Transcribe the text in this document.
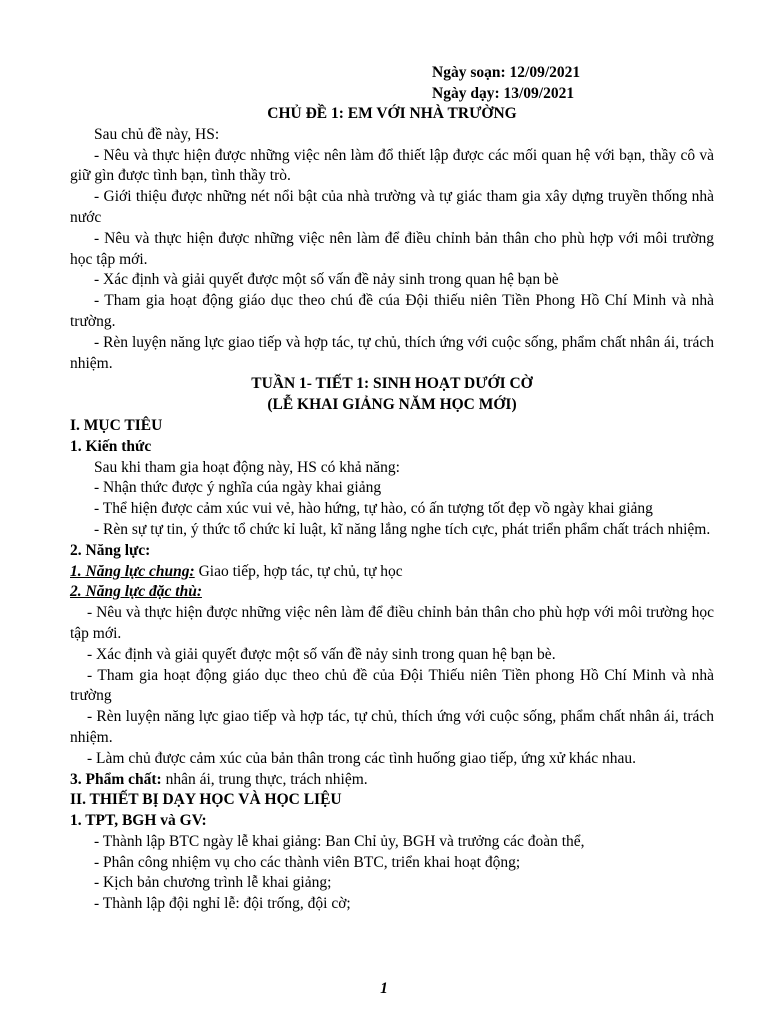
Ngày soạn: 12/09/2021
Ngày dạy: 13/09/2021

CHỦ ĐỀ 1: EM VỚI NHÀ TRƯỜNG

Sau chủ đề này, HS:

- Nêu và thực hiện được những việc nên làm đổ thiết lập được các mối quan hệ với bạn, thầy cô và giữ gìn được tình bạn, tình thầy trò.

- Giới thiệu được những nét nổi bật của nhà trường và tự giác tham gia xây dựng truyền thống nhà nước

- Nêu và thực hiện được những việc nên làm để điều chỉnh bản thân cho phù hợp với môi trường học tập mới.

- Xác định và giải quyết được một số vấn đề nảy sinh trong quan hệ bạn bè

- Tham gia hoạt động giáo dục theo chú đề cúa Đội thiếu niên Tiền Phong Hồ Chí Minh và nhà trường.

- Rèn luyện năng lực giao tiếp và hợp tác, tự chủ, thích ứng với cuộc sống, phẩm chất nhân ái, trách nhiệm.

TUẦN 1- TIẾT 1: SINH HOẠT DƯỚI CỜ

(LỄ KHAI GIẢNG NĂM HỌC MỚI)

I. MỤC TIÊU

1. Kiến thức

Sau khi tham gia hoạt động này, HS có khả năng:

- Nhận thức được ý nghĩa cúa ngày khai giảng

- Thể hiện được cảm xúc vui vẻ, hào hứng, tự hào, có ấn tượng tốt đẹp vồ ngày khai giảng

- Rèn sự tự tin, ý thức tổ chức kỉ luật, kĩ năng lắng nghe tích cực, phát triển phẩm chất trách nhiệm.

2. Năng lực:

1. Năng lực chung: Giao tiếp, hợp tác, tự chủ, tự học

2. Năng lực đặc thù:

- Nêu và thực hiện được những việc nên làm để điều chỉnh bản thân cho phù hợp với môi trường học tập mới.

- Xác định và giải quyết được một số vấn đề nảy sinh trong quan hệ bạn bè.

- Tham gia hoạt động giáo dục theo chủ đề của Đội Thiếu niên Tiền phong Hồ Chí Minh và nhà trường

- Rèn luyện năng lực giao tiếp và hợp tác, tự chủ, thích ứng với cuộc sống, phẩm chất nhân ái, trách nhiệm.

- Làm chủ được cảm xúc của bản thân trong các tình huống giao tiếp, ứng xử khác nhau.

3. Phẩm chất: nhân ái, trung thực, trách nhiệm.

II. THIẾT BỊ DẠY HỌC VÀ HỌC LIỆU

1. TPT, BGH và GV:

- Thành lập BTC ngày lễ khai giảng: Ban Chỉ ủy, BGH và trưởng các đoàn thể,

- Phân công nhiệm vụ cho các thành viên BTC, triển khai hoạt động;

- Kịch bản chương trình lễ khai giảng;

- Thành lập đội nghỉ lễ: đội trống, đội cờ;

1
